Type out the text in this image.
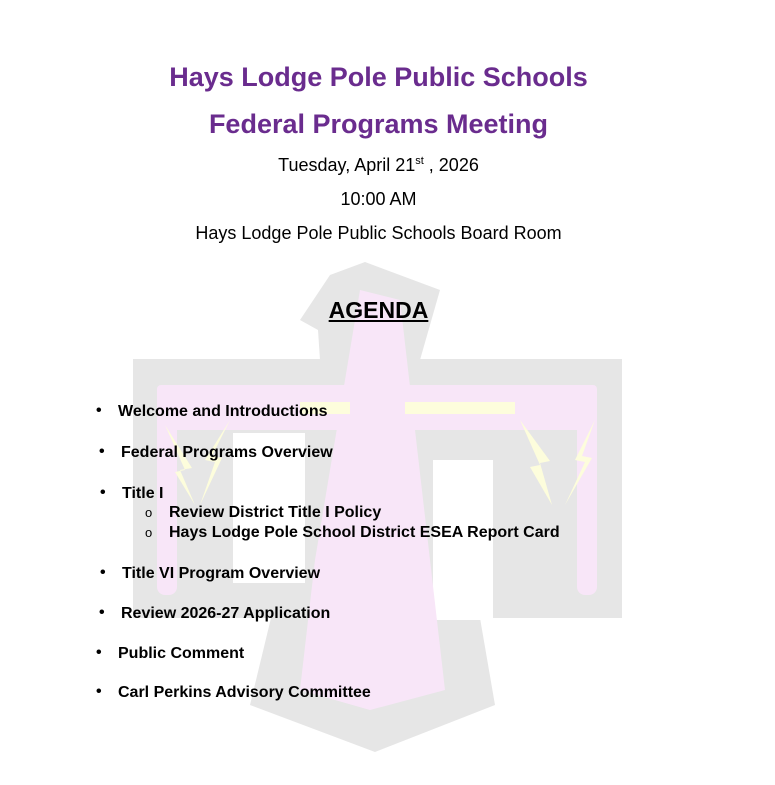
Hays Lodge Pole Public Schools
Federal Programs Meeting
Tuesday, April 21st , 2026
10:00 AM
Hays Lodge Pole Public Schools Board Room
AGENDA
• Welcome and Introductions
• Federal Programs Overview
• Title I
o Review District Title I Policy
o Hays Lodge Pole School District ESEA Report Card
• Title VI Program Overview
• Review 2026-27 Application
• Public Comment
• Carl Perkins Advisory Committee
